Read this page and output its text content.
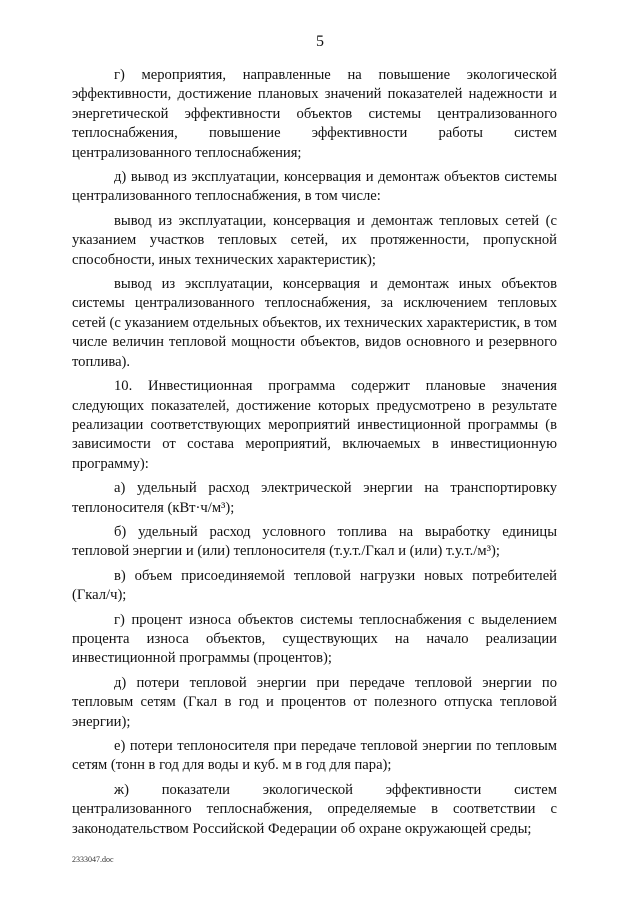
5

г) мероприятия, направленные на повышение экологической эффективности, достижение плановых значений показателей надежности и энергетической эффективности объектов системы централизованного теплоснабжения, повышение эффективности работы систем централизованного теплоснабжения;

д) вывод из эксплуатации, консервация и демонтаж объектов системы централизованного теплоснабжения, в том числе:

вывод из эксплуатации, консервация и демонтаж тепловых сетей (с указанием участков тепловых сетей, их протяженности, пропускной способности, иных технических характеристик);

вывод из эксплуатации, консервация и демонтаж иных объектов системы централизованного теплоснабжения, за исключением тепловых сетей (с указанием отдельных объектов, их технических характеристик, в том числе величин тепловой мощности объектов, видов основного и резервного топлива).

10. Инвестиционная программа содержит плановые значения следующих показателей, достижение которых предусмотрено в результате реализации соответствующих мероприятий инвестиционной программы (в зависимости от состава мероприятий, включаемых в инвестиционную программу):

а) удельный расход электрической энергии на транспортировку теплоносителя (кВт·ч/м³);

б) удельный расход условного топлива на выработку единицы тепловой энергии и (или) теплоносителя (т.у.т./Гкал и (или) т.у.т./м³);

в) объем присоединяемой тепловой нагрузки новых потребителей (Гкал/ч);

г) процент износа объектов системы теплоснабжения с выделением процента износа объектов, существующих на начало реализации инвестиционной программы (процентов);

д) потери тепловой энергии при передаче тепловой энергии по тепловым сетям (Гкал в год и процентов от полезного отпуска тепловой энергии);

е) потери теплоносителя при передаче тепловой энергии по тепловым сетям (тонн в год для воды и куб. м в год для пара);

ж) показатели экологической эффективности систем централизованного теплоснабжения, определяемые в соответствии с законодательством Российской Федерации об охране окружающей среды;

2333047.doc
